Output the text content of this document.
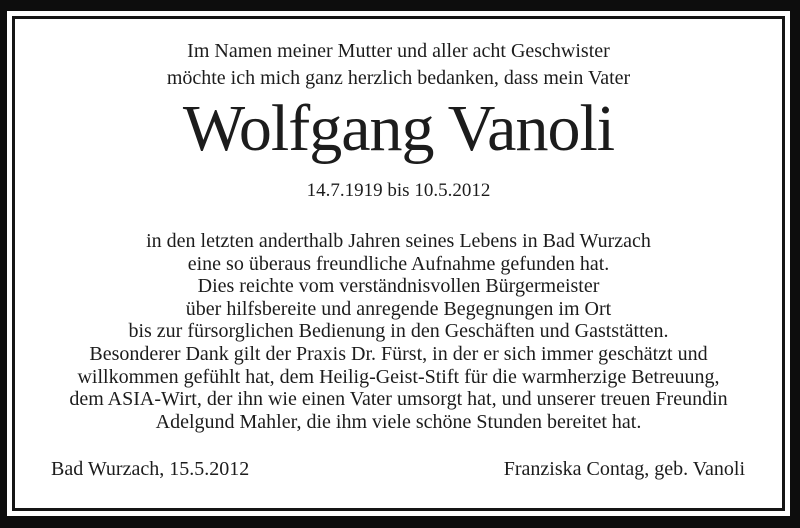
Im Namen meiner Mutter und aller acht Geschwister
möchte ich mich ganz herzlich bedanken, dass mein Vater
Wolfgang Vanoli
14.7.1919 bis 10.5.2012
in den letzten anderthalb Jahren seines Lebens in Bad Wurzach
eine so überaus freundliche Aufnahme gefunden hat.
Dies reichte vom verständnisvollen Bürgermeister
über hilfsbereite und anregende Begegnungen im Ort
bis zur fürsorglichen Bedienung in den Geschäften und Gaststätten.
Besonderer Dank gilt der Praxis Dr. Fürst, in der er sich immer geschätzt und
willkommen gefühlt hat, dem Heilig-Geist-Stift für die warmherzige Betreuung,
dem ASIA-Wirt, der ihn wie einen Vater umsorgt hat, und unserer treuen Freundin
Adelgund Mahler, die ihm viele schöne Stunden bereitet hat.
Bad Wurzach, 15.5.2012	Franziska Contag, geb. Vanoli
